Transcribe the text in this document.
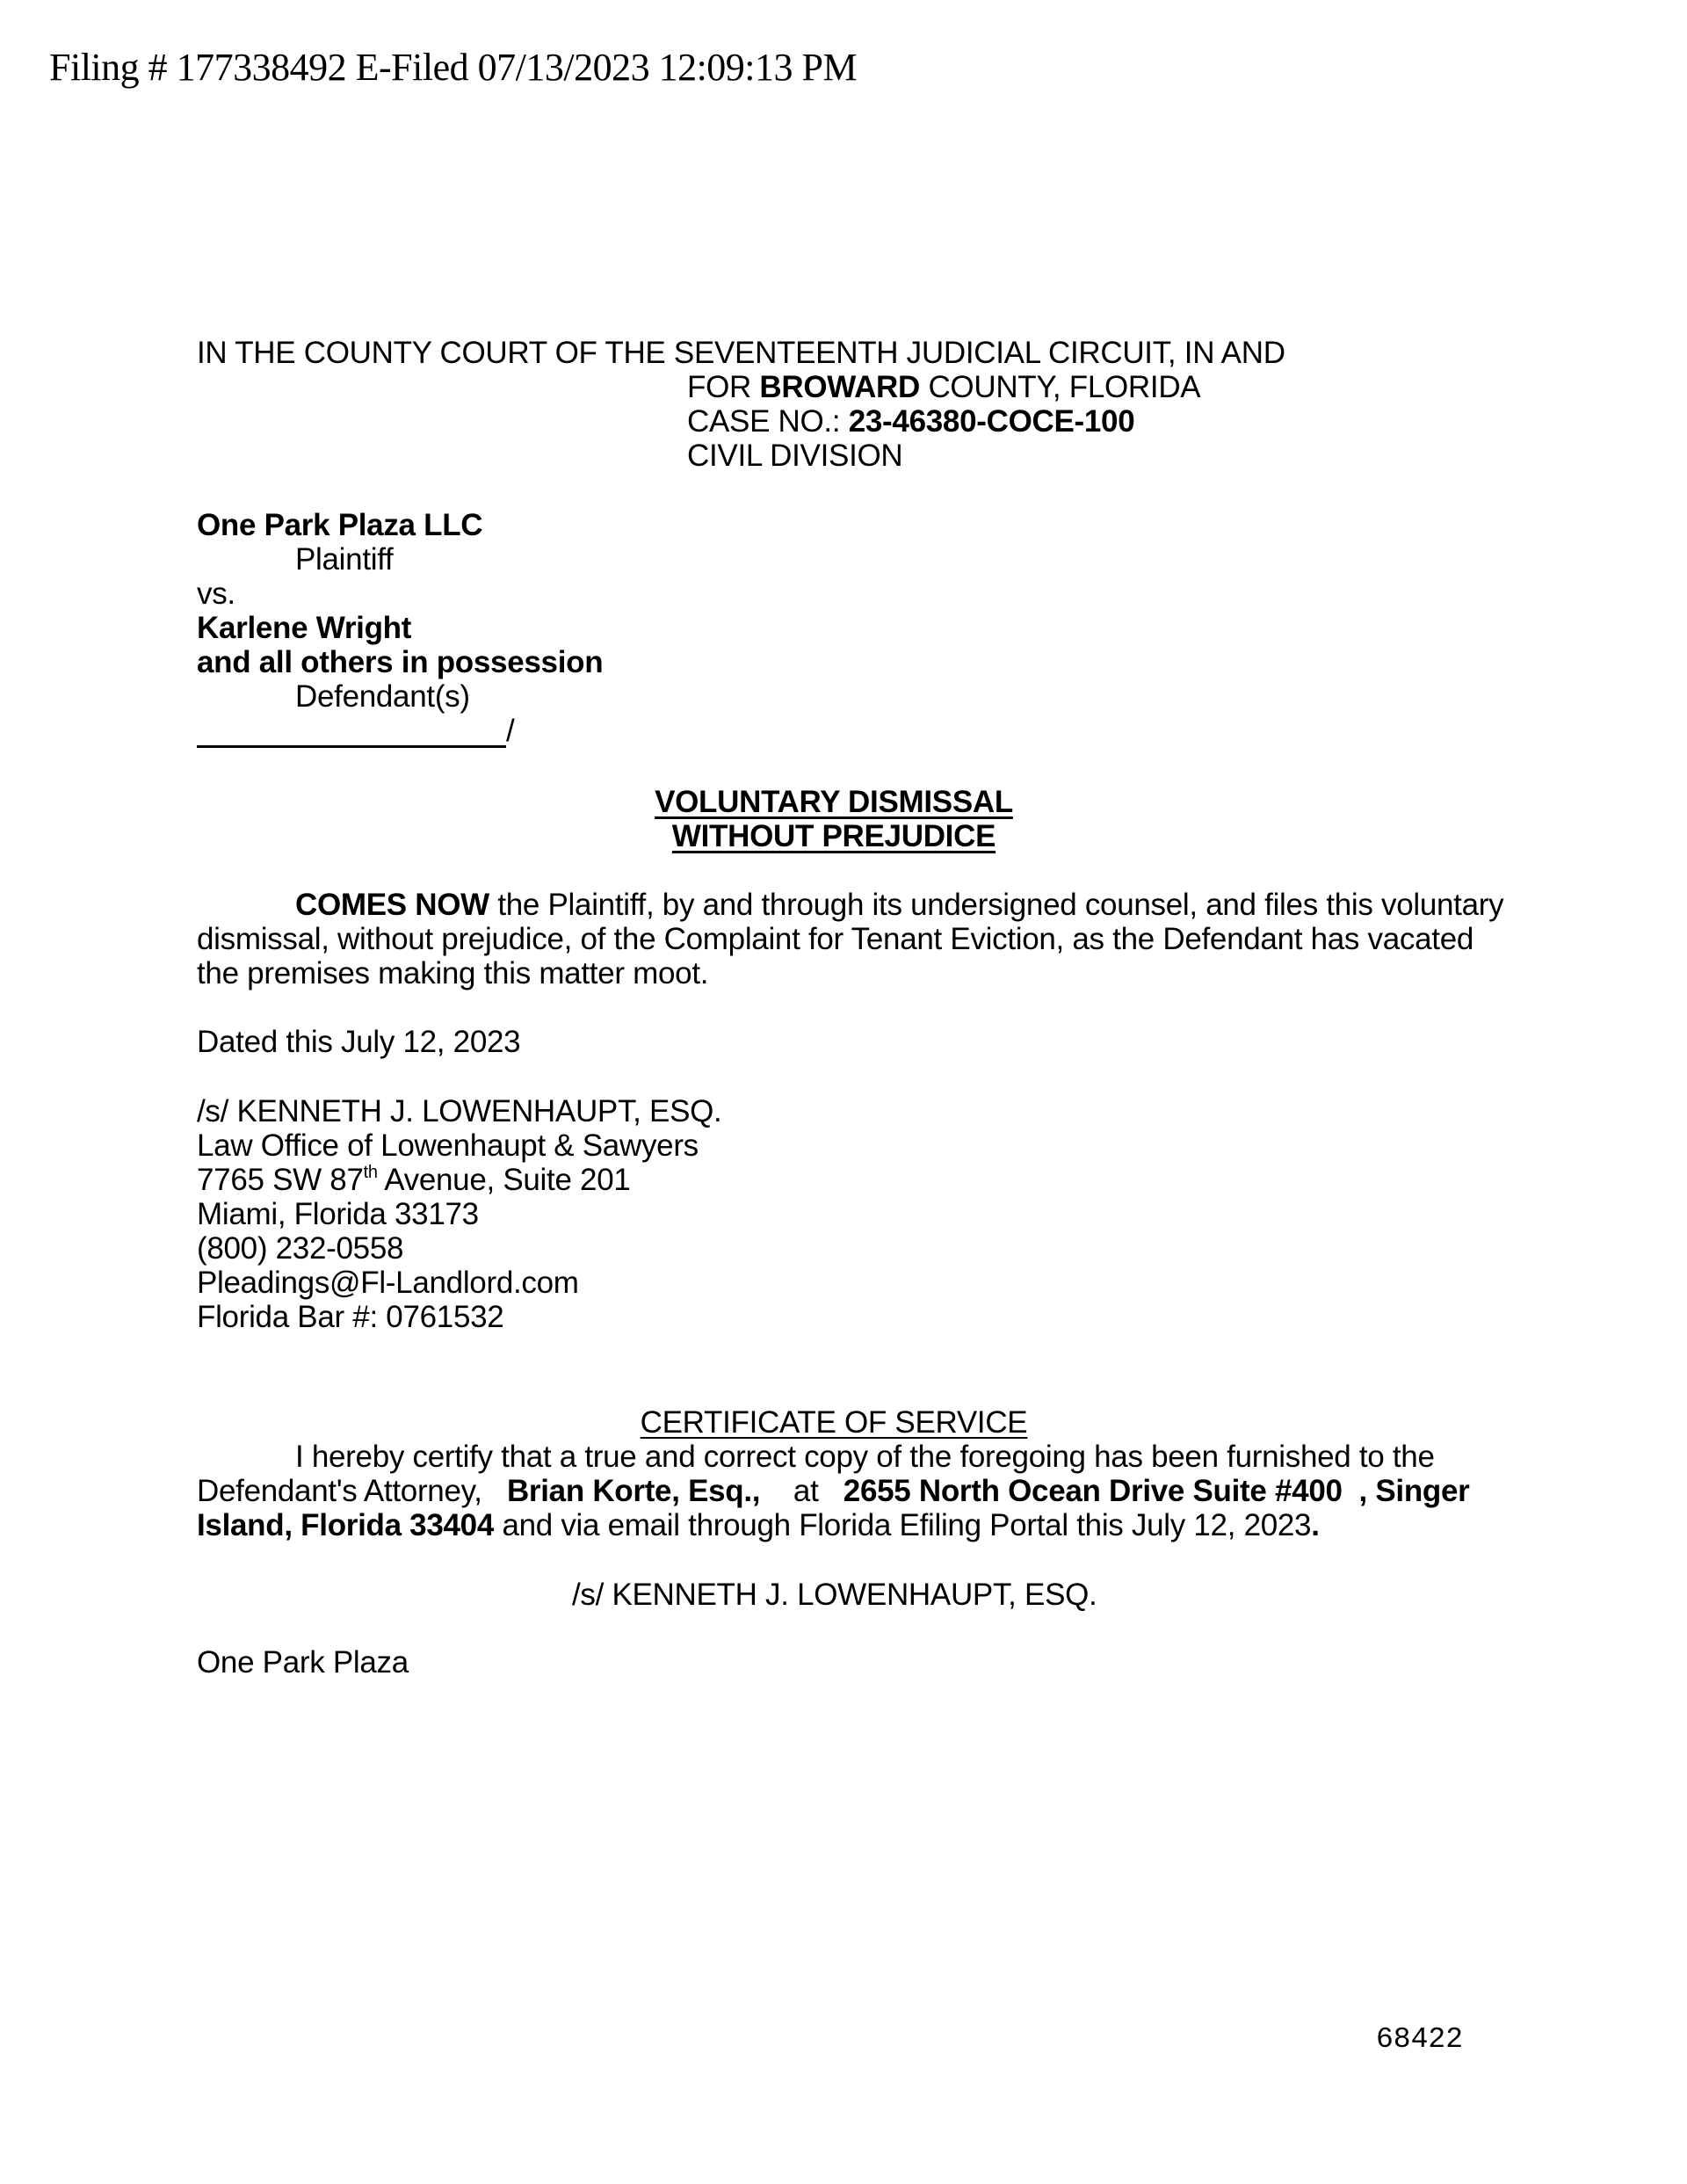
Filing # 177338492 E-Filed 07/13/2023 12:09:13 PM
IN THE COUNTY COURT OF THE SEVENTEENTH JUDICIAL CIRCUIT, IN AND
FOR BROWARD COUNTY, FLORIDA
CASE NO.: 23-46380-COCE-100
CIVIL DIVISION
One Park Plaza LLC
Plaintiff
vs.
Karlene Wright
and all others in possession
Defendant(s)
/
VOLUNTARY DISMISSAL
WITHOUT PREJUDICE
COMES NOW the Plaintiff, by and through its undersigned counsel, and files this voluntary
dismissal, without prejudice, of the Complaint for Tenant Eviction, as the Defendant has vacated
the premises making this matter moot.
Dated this July 12, 2023
/s/ KENNETH J. LOWENHAUPT, ESQ.
Law Office of Lowenhaupt & Sawyers
7765 SW 87th Avenue, Suite 201
Miami, Florida 33173
(800) 232-0558
Pleadings@Fl-Landlord.com
Florida Bar #: 0761532
CERTIFICATE OF SERVICE
I hereby certify that a true and correct copy of the foregoing has been furnished to the
Defendant's Attorney,   Brian Korte, Esq.,    at   2655 North Ocean Drive Suite #400  , Singer
Island, Florida 33404 and via email through Florida Efiling Portal this July 12, 2023.
/s/ KENNETH J. LOWENHAUPT, ESQ.
One Park Plaza
68422
